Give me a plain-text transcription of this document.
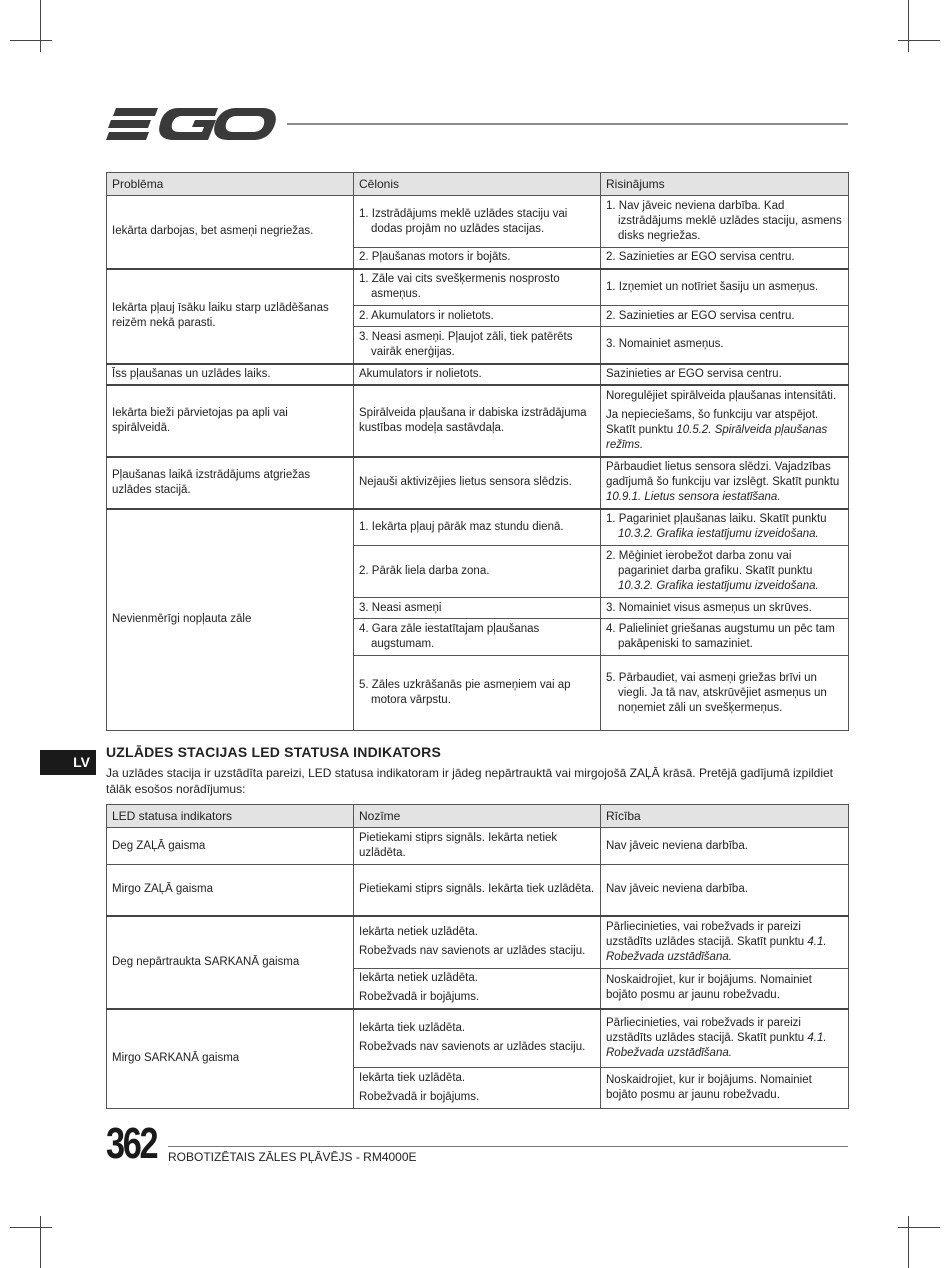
Problēma	Cēlonis	Risinājums
Iekārta darbojas, bet asmeņi negriežas.	1. Izstrādājums meklē uzlādes staciju vai dodas projām no uzlādes stacijas.	1. Nav jāveic neviena darbība. Kad izstrādājums meklē uzlādes staciju, asmens disks negriežas.

	2. Pļaušanas motors ir bojāts.	2. Sazinieties ar EGO servisa centru.

Iekārta pļauj īsāku laiku starp uzlādēšanas reizēm nekā parasti.	1. Zāle vai cits svešķermenis nosprosto asmeņus.	1. Izņemiet un notīriet šasiju un asmeņus.

	2. Akumulators ir nolietots.	2. Sazinieties ar EGO servisa centru.

	3. Neasi asmeņi. Pļaujot zāli, tiek patērēts vairāk enerģijas.	3. Nomainiet asmeņus.

Īss pļaušanas un uzlādes laiks.	Akumulators ir nolietots.	Sazinieties ar EGO servisa centru.
Iekārta bieži pārvietojas pa apli vai spirālveidā.	Spirālveida pļaušana ir dabiska izstrādājuma kustības modeļa sastāvdaļa.	Noregulējiet spirālveida pļaušanas intensitāti.

Ja nepieciešams, šo funkciju var atspējot. Skatīt punktu 10.5.2. Spirālveida pļaušanas režīms.

Pļaušanas laikā izstrādājums atgriežas uzlādes stacijā.	Nejauši aktivizējies lietus sensora slēdzis.	Pārbaudiet lietus sensora slēdzi. Vajadzības gadījumā šo funkciju var izslēgt. Skatīt punktu 10.9.1. Lietus sensora iestatīšana.
Nevienmērīgi nopļauta zāle	1. Iekārta pļauj pārāk maz stundu dienā.	1. Pagariniet pļaušanas laiku. Skatīt punktu 10.3.2. Grafika iestatījumu izveidošana.

	2. Pārāk liela darba zona.	2. Mēģiniet ierobežot darba zonu vai pagariniet darba grafiku. Skatīt punktu 10.3.2. Grafika iestatījumu izveidošana.

	3. Neasi asmeņi	3. Nomainiet visus asmeņus un skrūves.

	4. Gara zāle iestatītajam pļaušanas augstumam.	4. Palieliniet griešanas augstumu un pēc tam pakāpeniski to samaziniet.

	5. Zāles uzkrāšanās pie asmeņiem vai ap motora vārpstu.	5. Pārbaudiet, vai asmeņi griežas brīvi un viegli. Ja tā nav, atskrūvējiet asmeņus un noņemiet zāli un svešķermeņus.
LV
UZLĀDES STACIJAS LED STATUSA INDIKATORS
Ja uzlādes stacija ir uzstādīta pareizi, LED statusa indikatoram ir jādeg nepārtrauktā vai mirgojošā ZAĻĀ krāsā. Pretējā gadījumā izpildiet tālāk esošos norādījumus:
LED statusa indikators	Nozīme	Rīcība
Deg ZAĻĀ gaisma	Pietiekami stiprs signāls. Iekārta netiek uzlādēta.	Nav jāveic neviena darbība.
Mirgo ZAĻĀ gaisma	Pietiekami stiprs signāls. Iekārta tiek uzlādēta.	Nav jāveic neviena darbība.
Deg nepārtraukta SARKANĀ gaisma	Iekārta netiek uzlādēta.

Robežvads nav savienots ar uzlādes staciju.	Pārliecinieties, vai robežvads ir pareizi uzstādīts uzlādes stacijā. Skatīt punktu 4.1. Robežvada uzstādīšana.

	Iekārta netiek uzlādēta.

Robežvadā ir bojājums.	Noskaidrojiet, kur ir bojājums. Nomainiet bojāto posmu ar jaunu robežvadu.
Mirgo SARKANĀ gaisma	Iekārta tiek uzlādēta.

Robežvads nav savienots ar uzlādes staciju.	Pārliecinieties, vai robežvads ir pareizi uzstādīts uzlādes stacijā. Skatīt punktu 4.1. Robežvada uzstādīšana.

	Iekārta tiek uzlādēta.

Robežvadā ir bojājums.	Noskaidrojiet, kur ir bojājums. Nomainiet bojāto posmu ar jaunu robežvadu.
362 ROBOTIZĒTAIS ZĀLES PĻĀVĒJS - RM4000E
